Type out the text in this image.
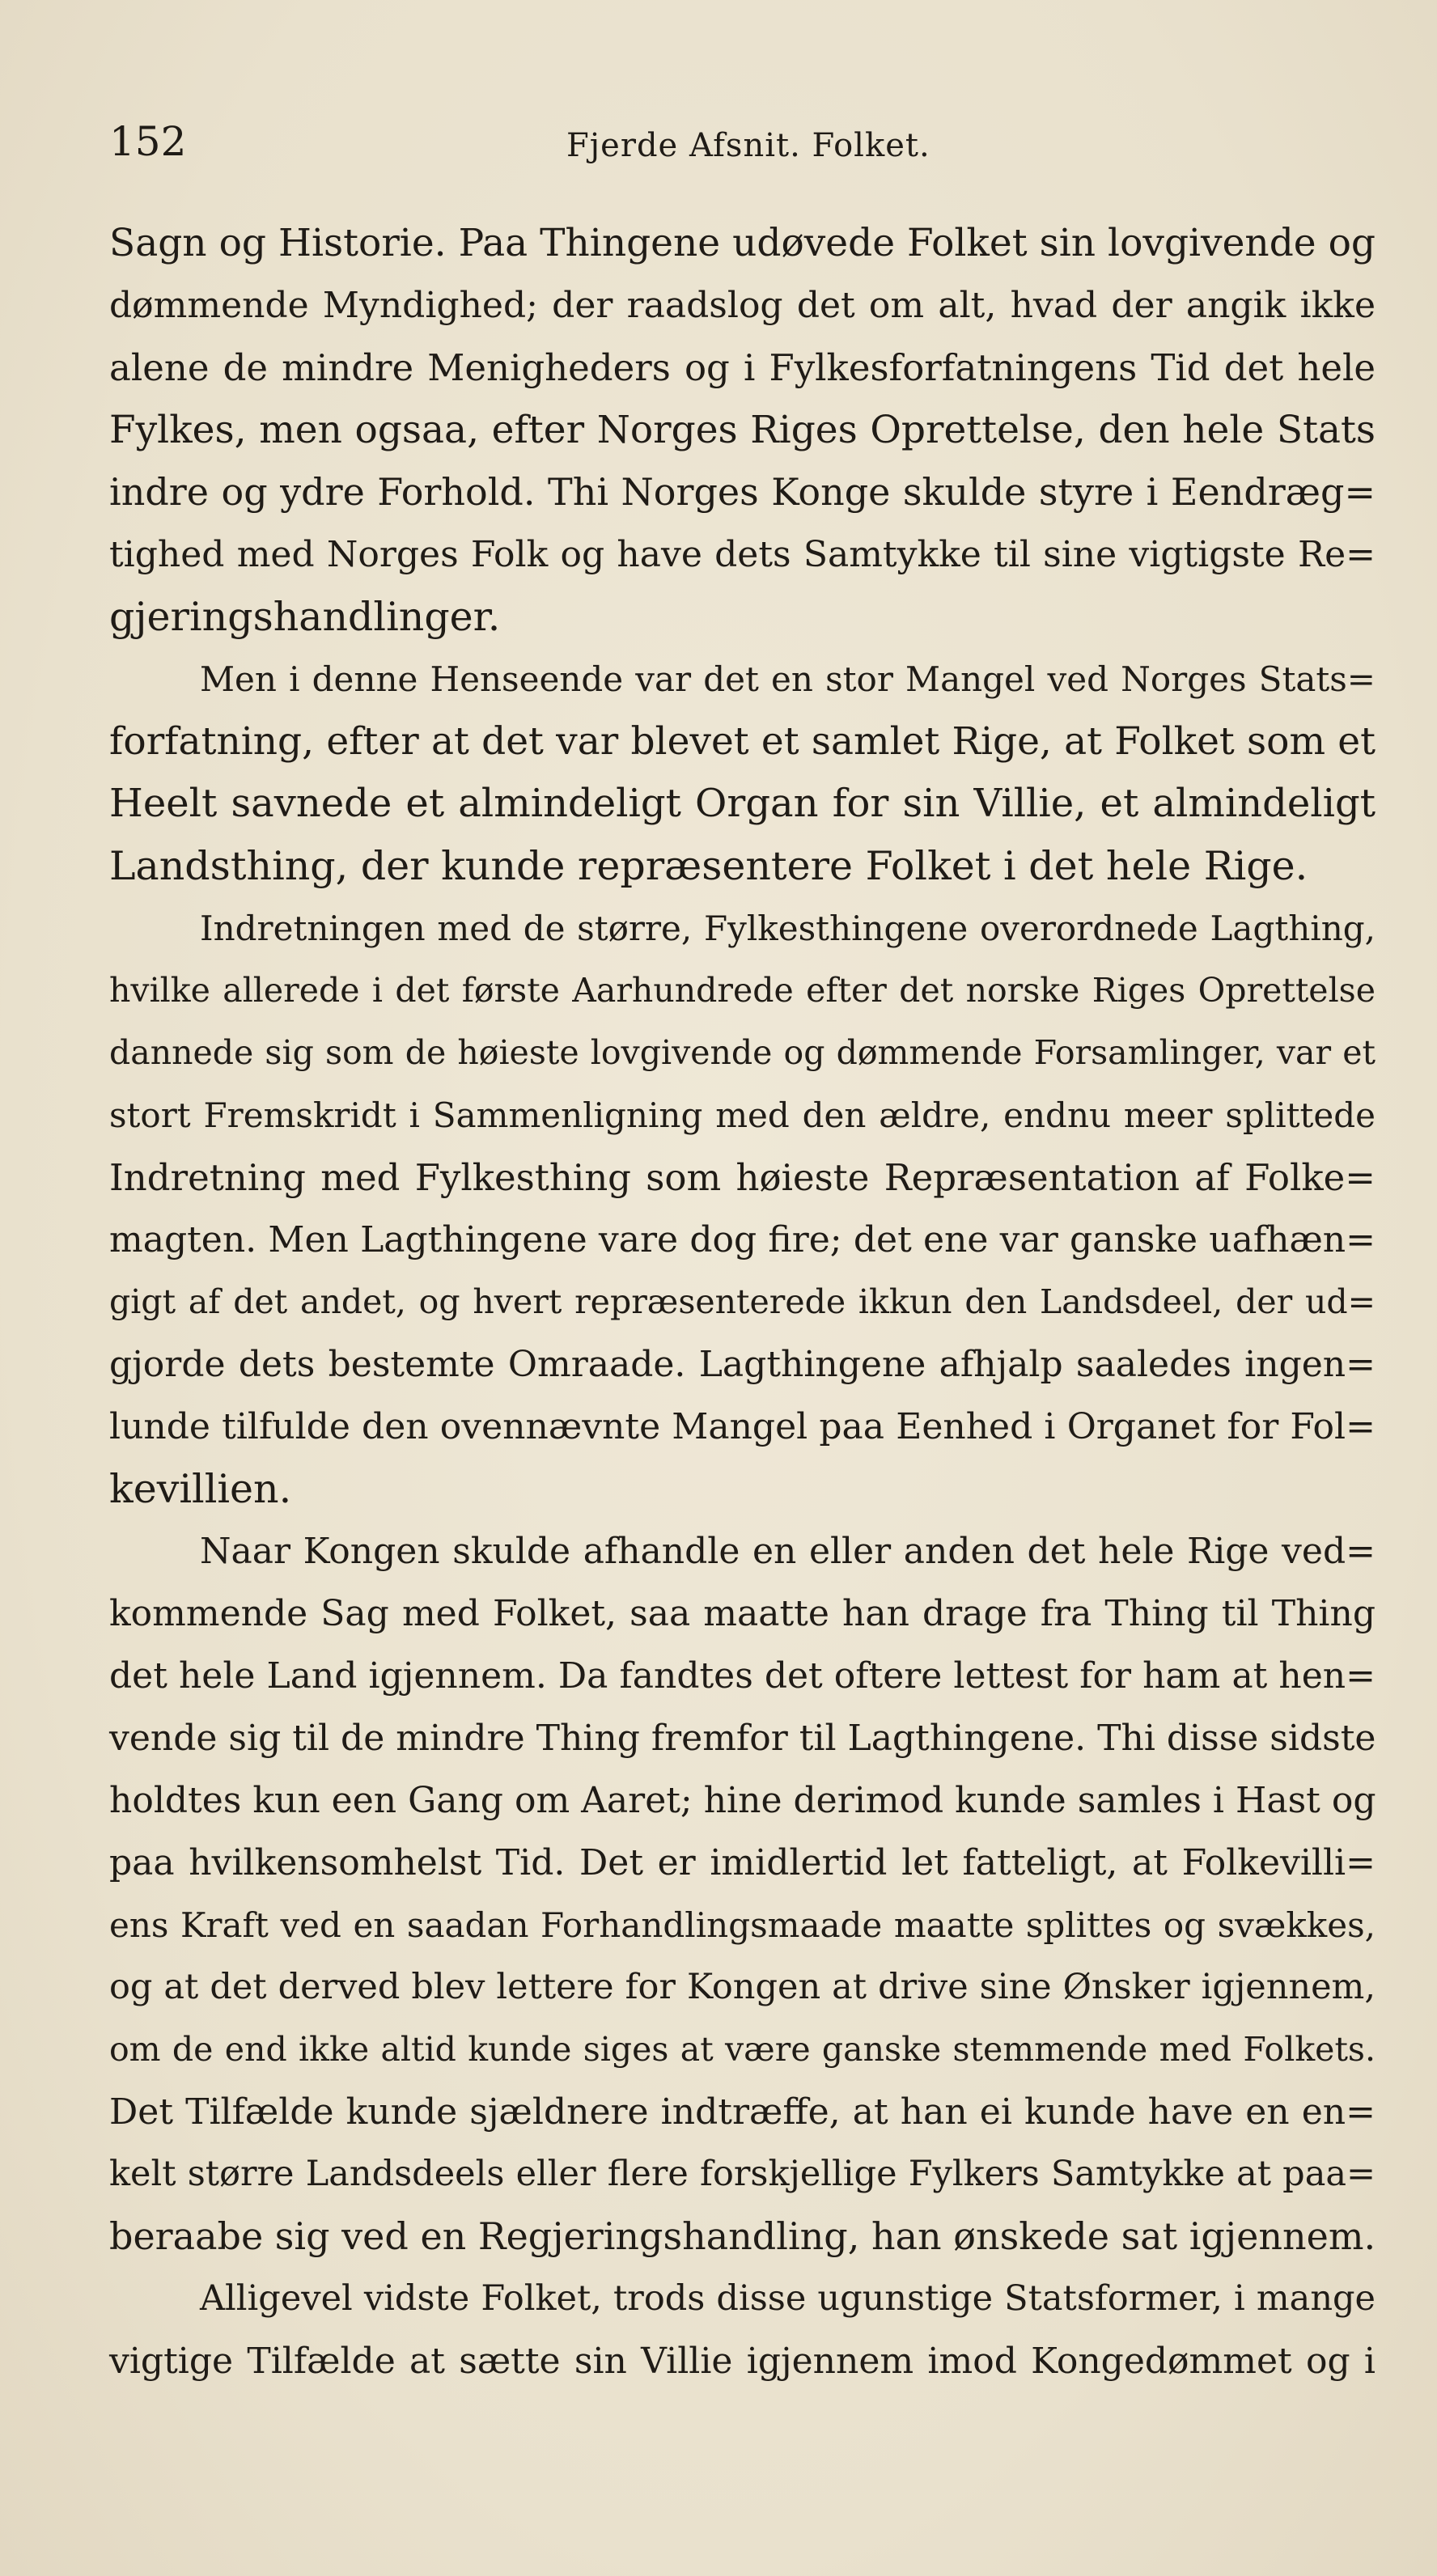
152	Fjerde Afsnit. Folket.
Sagn og Historie. Paa Thingene udøvede Folket sin lovgivende og
dømmende Myndighed; der raadslog det om alt, hvad der angik ikke
alene de mindre Menigheders og i Fylkesforfatningens Tid det hele
Fylkes, men ogsaa, efter Norges Riges Oprettelse, den hele Stats
indre og ydre Forhold. Thi Norges Konge skulde styre i Eendræg=
tighed med Norges Folk og have dets Samtykke til sine vigtigste Re=
gjeringshandlinger.
Men i denne Henseende var det en stor Mangel ved Norges Stats=
forfatning, efter at det var blevet et samlet Rige, at Folket som et
Heelt savnede et almindeligt Organ for sin Villie, et almindeligt
Landsthing, der kunde repræsentere Folket i det hele Rige.
Indretningen med de større, Fylkesthingene overordnede Lagthing,
hvilke allerede i det første Aarhundrede efter det norske Riges Oprettelse
dannede sig som de høieste lovgivende og dømmende Forsamlinger, var et
stort Fremskridt i Sammenligning med den ældre, endnu meer splittede
Indretning med Fylkesthing som høieste Repræsentation af Folke=
magten. Men Lagthingene vare dog fire; det ene var ganske uafhæn=
gigt af det andet, og hvert repræsenterede ikkun den Landsdeel, der ud=
gjorde dets bestemte Omraade. Lagthingene afhjalp saaledes ingen=
lunde tilfulde den ovennævnte Mangel paa Eenhed i Organet for Fol=
kevillien.
Naar Kongen skulde afhandle en eller anden det hele Rige ved=
kommende Sag med Folket, saa maatte han drage fra Thing til Thing
det hele Land igjennem. Da fandtes det oftere lettest for ham at hen=
vende sig til de mindre Thing fremfor til Lagthingene. Thi disse sidste
holdtes kun een Gang om Aaret; hine derimod kunde samles i Hast og
paa hvilkensomhelst Tid. Det er imidlertid let fatteligt, at Folkevilli=
ens Kraft ved en saadan Forhandlingsmaade maatte splittes og svækkes,
og at det derved blev lettere for Kongen at drive sine Ønsker igjennem,
om de end ikke altid kunde siges at være ganske stemmende med Folkets.
Det Tilfælde kunde sjældnere indtræffe, at han ei kunde have en en=
kelt større Landsdeels eller flere forskjellige Fylkers Samtykke at paa=
beraabe sig ved en Regjeringshandling, han ønskede sat igjennem.
Alligevel vidste Folket, trods disse ugunstige Statsformer, i mange
vigtige Tilfælde at sætte sin Villie igjennem imod Kongedømmet og i
